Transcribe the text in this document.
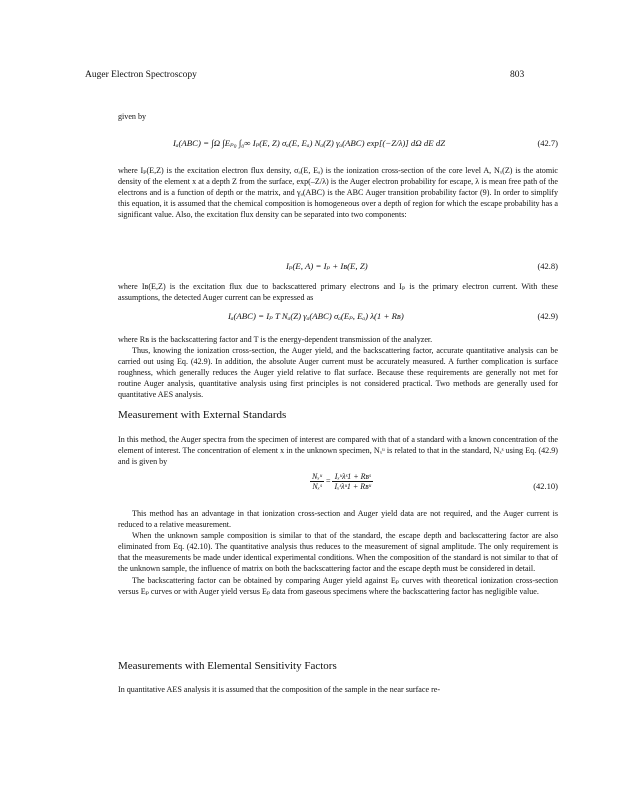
Auger Electron Spectroscopy	803

given by

Iₐ(ABC) = ∫Ω ∫Eₚ₀ ∫₀∞ Iₚ(E, Z) σₐ(E, Eₐ) Nₐ(Z) γₐ(ABC) exp[(−Z/λ)] dΩ dE dZ	(42.7)

where Iₚ(E,Z) is the excitation electron flux density, σₐ(E, Eₐ) is the ionization cross-section of the core level A, Nₓ(Z) is the atomic density of the element x at a depth Z from the surface, exp(–Z/λ) is the Auger electron probability for escape, λ is mean free path of the electrons and is a function of depth or the matrix, and γₐ(ABC) is the ABC Auger transition probability factor (9). In order to simplify this equation, it is assumed that the chemical composition is homogeneous over a depth of region for which the escape probability has a significant value. Also, the excitation flux density can be separated into two components:

Iₚ(E, A) = Iₚ + Iʙ(E, Z)	(42.8)

where Iʙ(E,Z) is the excitation flux due to backscattered primary electrons and Iₚ is the primary electron current. With these assumptions, the detected Auger current can be expressed as

Iₐ(ABC) = Iₚ T Nₐ(Z) γₐ(ABC) σₐ(Eₚ, Eₐ) λ(1 + Rʙ)	(42.9)

where Rʙ is the backscattering factor and T is the energy-dependent transmission of the analyzer.

Thus, knowing the ionization cross-section, the Auger yield, and the backscattering factor, accurate quantitative analysis can be carried out using Eq. (42.9). In addition, the absolute Auger current must be accurately measured. A further complication is surface roughness, which generally reduces the Auger yield relative to flat surface. Because these requirements are generally not met for routine Auger analysis, quantitative analysis using first principles is not considered practical. Two methods are generally used for quantitative AES analysis.

Measurement with External Standards

In this method, the Auger spectra from the specimen of interest are compared with that of a standard with a known concentration of the element of interest. The concentration of element x in the unknown specimen, Nₓᵘ is related to that in the standard, Nₓˢ using Eq. (42.9) and is given by

$\frac{\text{Nₓᵘ}}{\text{Nₓˢ}} = \frac{\text{Iₓᵘλˢ1 + Rʙˢ}}{\text{Iₓˢλᵘ1 + Rʙᵘ}}$	(42.10)

This method has an advantage in that ionization cross-section and Auger yield data are not required, and the Auger current is reduced to a relative measurement.

When the unknown sample composition is similar to that of the standard, the escape depth and backscattering factor are also eliminated from Eq. (42.10). The quantitative analysis thus reduces to the measurement of signal amplitude. The only requirement is that the measurements be made under identical experimental conditions. When the composition of the standard is not similar to that of the unknown sample, the influence of matrix on both the backscattering factor and the escape depth must be considered in detail.

The backscattering factor can be obtained by comparing Auger yield against Eₚ curves with theoretical ionization cross-section versus Eₚ curves or with Auger yield versus Eₚ data from gaseous specimens where the backscattering factor has negligible value.

Measurements with Elemental Sensitivity Factors

In quantitative AES analysis it is assumed that the composition of the sample in the near surface re-
